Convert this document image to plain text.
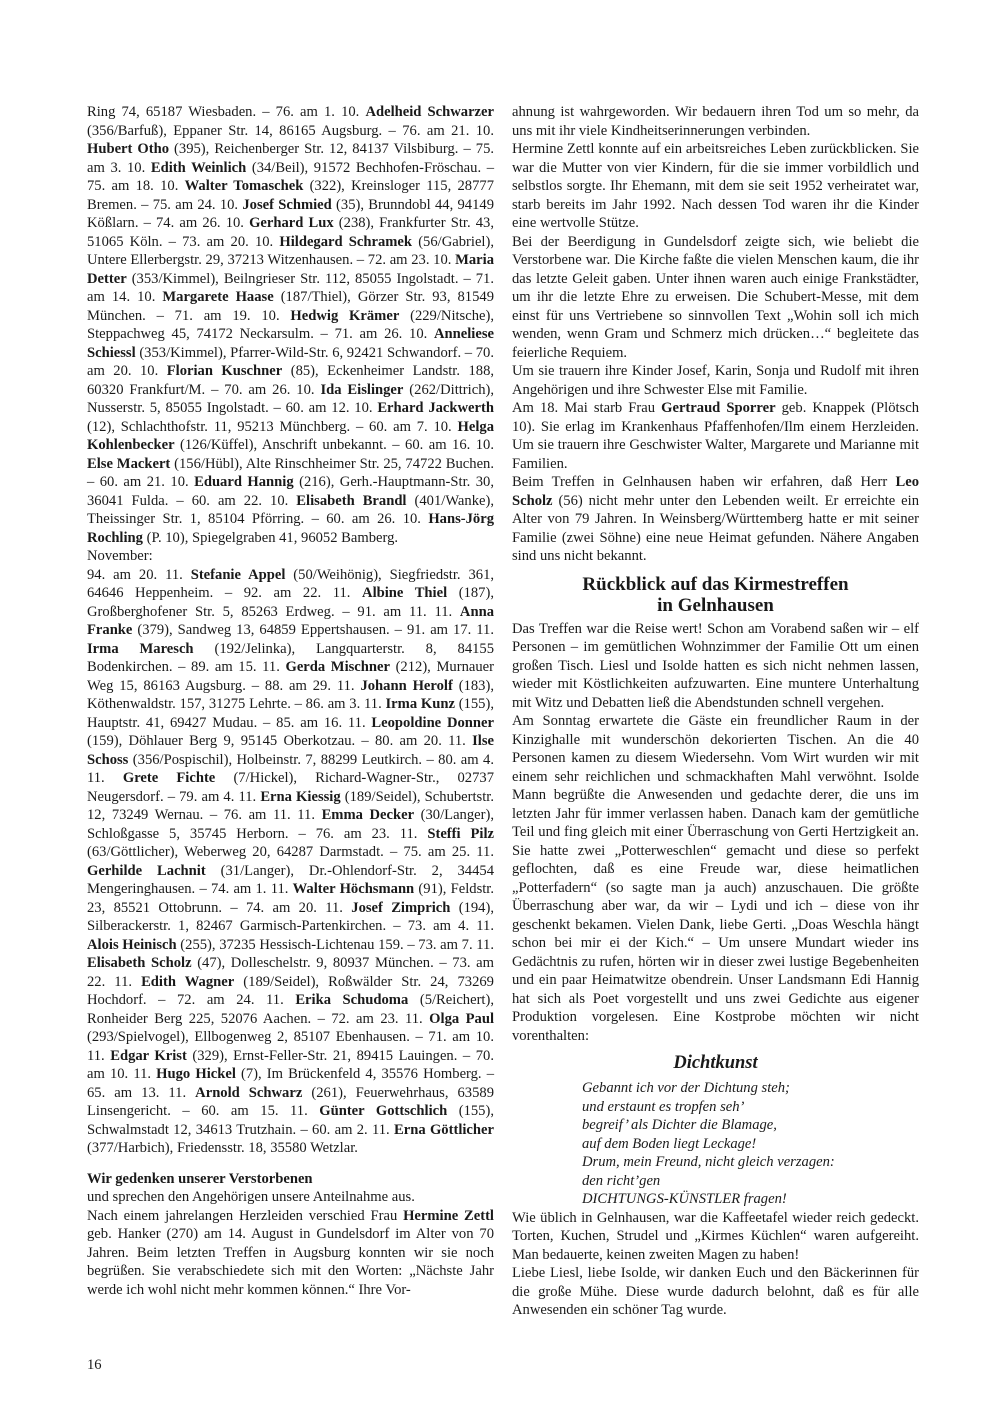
Ring 74, 65187 Wiesbaden. – 76. am 1. 10. Adelheid Schwarzer (356/Barfuß), Eppaner Str. 14, 86165 Augsburg. – 76. am 21. 10. Hubert Otho (395), Reichenberger Str. 12, 84137 Vilsbiburg. – 75. am 3. 10. Edith Weinlich (34/Beil), 91572 Bechhofen-Fröschau. – 75. am 18. 10. Walter Tomaschek (322), Kreinsloger 115, 28777 Bremen. – 75. am 24. 10. Josef Schmied (35), Brunndobl 44, 94149 Kößlarn. – 74. am 26. 10. Gerhard Lux (238), Frankfurter Str. 43, 51065 Köln. – 73. am 20. 10. Hildegard Schramek (56/Gabriel), Untere Ellerbergstr. 29, 37213 Witzenhausen. – 72. am 23. 10. Maria Detter (353/Kimmel), Beilngrieser Str. 112, 85055 Ingolstadt. – 71. am 14. 10. Margarete Haase (187/Thiel), Görzer Str. 93, 81549 München. – 71. am 19. 10. Hedwig Krämer (229/Nitsche), Steppachweg 45, 74172 Neckarsulm. – 71. am 26. 10. Anneliese Schiessl (353/Kimmel), Pfarrer-Wild-Str. 6, 92421 Schwandorf. – 70. am 20. 10. Florian Kuschner (85), Eckenheimer Landstr. 188, 60320 Frankfurt/M. – 70. am 26. 10. Ida Eislinger (262/Dittrich), Nusserstr. 5, 85055 Ingolstadt. – 60. am 12. 10. Erhard Jackwerth (12), Schlachthofstr. 11, 95213 Münchberg. – 60. am 7. 10. Helga Kohlenbecker (126/Küffel), Anschrift unbekannt. – 60. am 16. 10. Else Mackert (156/Hübl), Alte Rinschheimer Str. 25, 74722 Buchen. – 60. am 21. 10. Eduard Hannig (216), Gerh.-Hauptmann-Str. 30, 36041 Fulda. – 60. am 22. 10. Elisabeth Brandl (401/Wanke), Theissinger Str. 1, 85104 Pförring. – 60. am 26. 10. Hans-Jörg Rochling (P. 10), Spiegelgraben 41, 96052 Bamberg.

November:

94. am 20. 11. Stefanie Appel (50/Weihönig), Siegfriedstr. 361, 64646 Heppenheim. – 92. am 22. 11. Albine Thiel (187), Großberghofener Str. 5, 85263 Erdweg. – 91. am 11. 11. Anna Franke (379), Sandweg 13, 64859 Eppertshausen. – 91. am 17. 11. Irma Maresch (192/Jelinka), Langquarterstr. 8, 84155 Bodenkirchen. – 89. am 15. 11. Gerda Mischner (212), Murnauer Weg 15, 86163 Augsburg. – 88. am 29. 11. Johann Herolf (183), Köthenwaldstr. 157, 31275 Lehrte. – 86. am 3. 11. Irma Kunz (155), Hauptstr. 41, 69427 Mudau. – 85. am 16. 11. Leopoldine Donner (159), Döhlauer Berg 9, 95145 Oberkotzau. – 80. am 20. 11. Ilse Schoss (356/Pospischil), Holbeinstr. 7, 88299 Leutkirch. – 80. am 4. 11. Grete Fichte (7/Hickel), Richard-Wagner-Str., 02737 Neugersdorf. – 79. am 4. 11. Erna Kiessig (189/Seidel), Schubertstr. 12, 73249 Wernau. – 76. am 11. 11. Emma Decker (30/Langer), Schloßgasse 5, 35745 Herborn. – 76. am 23. 11. Steffi Pilz (63/Göttlicher), Weberweg 20, 64287 Darmstadt. – 75. am 25. 11. Gerhilde Lachnit (31/Langer), Dr.-Ohlendorf-Str. 2, 34454 Mengeringhausen. – 74. am 1. 11. Walter Höchsmann (91), Feldstr. 23, 85521 Ottobrunn. – 74. am 20. 11. Josef Zimprich (194), Silberackerstr. 1, 82467 Garmisch-Partenkirchen. – 73. am 4. 11. Alois Heinisch (255), 37235 Hessisch-Lichtenau 159. – 73. am 7. 11. Elisabeth Scholz (47), Dolleschelstr. 9, 80937 München. – 73. am 22. 11. Edith Wagner (189/Seidel), Roßwälder Str. 24, 73269 Hochdorf. – 72. am 24. 11. Erika Schudoma (5/Reichert), Ronheider Berg 225, 52076 Aachen. – 72. am 23. 11. Olga Paul (293/Spielvogel), Ellbogenweg 2, 85107 Ebenhausen. – 71. am 10. 11. Edgar Krist (329), Ernst-Feller-Str. 21, 89415 Lauingen. – 70. am 10. 11. Hugo Hickel (7), Im Brückenfeld 4, 35576 Homberg. – 65. am 13. 11. Arnold Schwarz (261), Feuerwehrhaus, 63589 Linsengericht. – 60. am 15. 11. Günter Gottschlich (155), Schwalmstadt 12, 34613 Trutzhain. – 60. am 2. 11. Erna Göttlicher (377/Harbich), Friedensstr. 18, 35580 Wetzlar.

Wir gedenken unserer Verstorbenen

und sprechen den Angehörigen unsere Anteilnahme aus.

Nach einem jahrelangen Herzleiden verschied Frau Hermine Zettl geb. Hanker (270) am 14. August in Gundelsdorf im Alter von 70 Jahren. Beim letzten Treffen in Augsburg konnten wir sie noch begrüßen. Sie verabschiedete sich mit den Worten: „Nächste Jahr werde ich wohl nicht mehr kommen können.“ Ihre Vor-

ahnung ist wahrgeworden. Wir bedauern ihren Tod um so mehr, da uns mit ihr viele Kindheitserinnerungen verbinden.

Hermine Zettl konnte auf ein arbeitsreiches Leben zurückblicken. Sie war die Mutter von vier Kindern, für die sie immer vorbildlich und selbstlos sorgte. Ihr Ehemann, mit dem sie seit 1952 verheiratet war, starb bereits im Jahr 1992. Nach dessen Tod waren ihr die Kinder eine wertvolle Stütze.

Bei der Beerdigung in Gundelsdorf zeigte sich, wie beliebt die Verstorbene war. Die Kirche faßte die vielen Menschen kaum, die ihr das letzte Geleit gaben. Unter ihnen waren auch einige Frankstädter, um ihr die letzte Ehre zu erweisen. Die Schubert-Messe, mit dem einst für uns Vertriebene so sinnvollen Text „Wohin soll ich mich wenden, wenn Gram und Schmerz mich drücken…“ begleitete das feierliche Requiem.

Um sie trauern ihre Kinder Josef, Karin, Sonja und Rudolf mit ihren Angehörigen und ihre Schwester Else mit Familie.

Am 18. Mai starb Frau Gertraud Sporrer geb. Knappek (Plötsch 10). Sie erlag im Krankenhaus Pfaffenhofen/Ilm einem Herzleiden. Um sie trauern ihre Geschwister Walter, Margarete und Marianne mit Familien.

Beim Treffen in Gelnhausen haben wir erfahren, daß Herr Leo Scholz (56) nicht mehr unter den Lebenden weilt. Er erreichte ein Alter von 79 Jahren. In Weinsberg/Württemberg hatte er mit seiner Familie (zwei Söhne) eine neue Heimat gefunden. Nähere Angaben sind uns nicht bekannt.

Rückblick auf das Kirmestreffen
in Gelnhausen

Das Treffen war die Reise wert! Schon am Vorabend saßen wir – elf Personen – im gemütlichen Wohnzimmer der Familie Ott um einen großen Tisch. Liesl und Isolde hatten es sich nicht nehmen lassen, wieder mit Köstlichkeiten aufzuwarten. Eine muntere Unterhaltung mit Witz und Debatten ließ die Abendstunden schnell vergehen.

Am Sonntag erwartete die Gäste ein freundlicher Raum in der Kinzighalle mit wunderschön dekorierten Tischen. An die 40 Personen kamen zu diesem Wiedersehn. Vom Wirt wurden wir mit einem sehr reichlichen und schmackhaften Mahl verwöhnt. Isolde Mann begrüßte die Anwesenden und gedachte derer, die uns im letzten Jahr für immer verlassen haben. Danach kam der gemütliche Teil und fing gleich mit einer Überraschung von Gerti Hertzigkeit an. Sie hatte zwei „Potterweschlen“ gemacht und diese so perfekt geflochten, daß es eine Freude war, diese heimatlichen „Potterfadern“ (so sagte man ja auch) anzuschauen. Die größte Überraschung aber war, da wir – Lydi und ich – diese von ihr geschenkt bekamen. Vielen Dank, liebe Gerti. „Doas Weschla hängt schon bei mir ei der Kich.“ – Um unsere Mundart wieder ins Gedächtnis zu rufen, hörten wir in dieser zwei lustige Begebenheiten und ein paar Heimatwitze obendrein. Unser Landsmann Edi Hannig hat sich als Poet vorgestellt und uns zwei Gedichte aus eigener Produktion vorgelesen. Eine Kostprobe möchten wir nicht vorenthalten:

Dichtkunst
Gebannt ich vor der Dichtung steh;
und erstaunt es tropfen seh’
begreif’ als Dichter die Blamage,
auf dem Boden liegt Leckage!
Drum, mein Freund, nicht gleich verzagen:
den richt’gen
DICHTUNGS-KÜNSTLER fragen!

Wie üblich in Gelnhausen, war die Kaffeetafel wieder reich gedeckt. Torten, Kuchen, Strudel und „Kirmes Küchlen“ waren aufgereiht. Man bedauerte, keinen zweiten Magen zu haben!

Liebe Liesl, liebe Isolde, wir danken Euch und den Bäckerinnen für die große Mühe. Diese wurde dadurch belohnt, daß es für alle Anwesenden ein schöner Tag wurde.

16
